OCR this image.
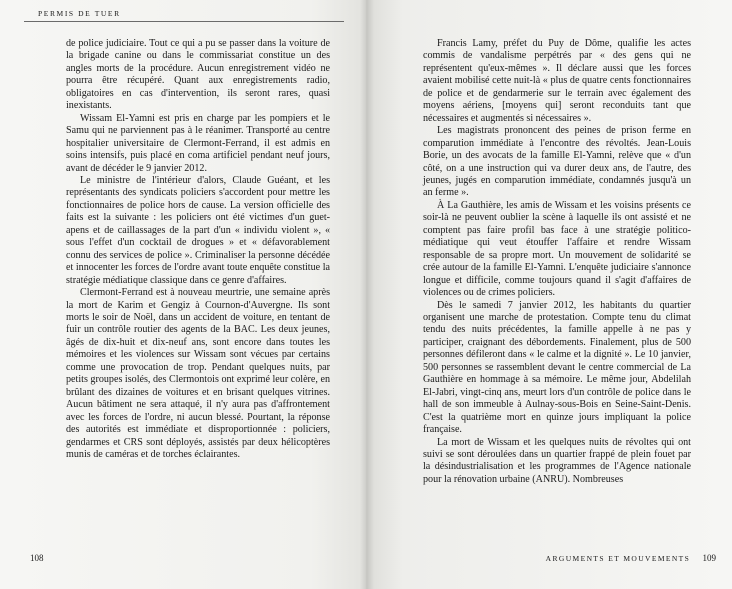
PERMIS DE TUER

de police judiciaire. Tout ce qui a pu se passer dans la voiture de la brigade canine ou dans le commissariat constitue un des angles morts de la procédure. Aucun enregistrement vidéo ne pourra être récupéré. Quant aux enregistrements radio, obligatoires en cas d'intervention, ils seront rares, quasi inexistants.

Wissam El-Yamni est pris en charge par les pompiers et le Samu qui ne parviennent pas à le réanimer. Transporté au centre hospitalier universitaire de Clermont-Ferrand, il est admis en soins intensifs, puis placé en coma artificiel pendant neuf jours, avant de décéder le 9 janvier 2012.

Le ministre de l'intérieur d'alors, Claude Guéant, et les représentants des syndicats policiers s'accordent pour mettre les fonctionnaires de police hors de cause. La version officielle des faits est la suivante : les policiers ont été victimes d'un guet-apens et de caillassages de la part d'un « individu violent », « sous l'effet d'un cocktail de drogues » et « défavorablement connu des services de police ». Criminaliser la personne décédée et innocenter les forces de l'ordre avant toute enquête constitue la stratégie médiatique classique dans ce genre d'affaires.

Clermont-Ferrand est à nouveau meurtrie, une semaine après la mort de Karim et Gengiz à Cournon-d'Auvergne. Ils sont morts le soir de Noël, dans un accident de voiture, en tentant de fuir un contrôle routier des agents de la BAC. Les deux jeunes, âgés de dix-huit et dix-neuf ans, sont encore dans toutes les mémoires et les violences sur Wissam sont vécues par certains comme une provocation de trop. Pendant quelques nuits, par petits groupes isolés, des Clermontois ont exprimé leur colère, en brûlant des dizaines de voitures et en brisant quelques vitrines. Aucun bâtiment ne sera attaqué, il n'y aura pas d'affrontement avec les forces de l'ordre, ni aucun blessé. Pourtant, la réponse des autorités est immédiate et disproportionnée : policiers, gendarmes et CRS sont déployés, assistés par deux hélicoptères munis de caméras et de torches éclairantes.

108

Francis Lamy, préfet du Puy de Dôme, qualifie les actes commis de vandalisme perpétrés par « des gens qui ne représentent qu'eux-mêmes ». Il déclare aussi que les forces avaient mobilisé cette nuit-là « plus de quatre cents fonctionnaires de police et de gendarmerie sur le terrain avec également des moyens aériens, [moyens qui] seront reconduits tant que nécessaires et augmentés si nécessaires ».

Les magistrats prononcent des peines de prison ferme en comparution immédiate à l'encontre des révoltés. Jean-Louis Borie, un des avocats de la famille El-Yamni, relève que « d'un côté, on a une instruction qui va durer deux ans, de l'autre, des jeunes, jugés en comparution immédiate, condamnés jusqu'à un an ferme ».

À La Gauthière, les amis de Wissam et les voisins présents ce soir-là ne peuvent oublier la scène à laquelle ils ont assisté et ne comptent pas faire profil bas face à une stratégie politico-médiatique qui veut étouffer l'affaire et rendre Wissam responsable de sa propre mort. Un mouvement de solidarité se crée autour de la famille El-Yamni. L'enquête judiciaire s'annonce longue et difficile, comme toujours quand il s'agit d'affaires de violences ou de crimes policiers.

Dès le samedi 7 janvier 2012, les habitants du quartier organisent une marche de protestation. Compte tenu du climat tendu des nuits précédentes, la famille appelle à ne pas y participer, craignant des débordements. Finalement, plus de 500 personnes défileront dans « le calme et la dignité ». Le 10 janvier, 500 personnes se rassemblent devant le centre commercial de La Gauthière en hommage à sa mémoire. Le même jour, Abdelilah El-Jabri, vingt-cinq ans, meurt lors d'un contrôle de police dans le hall de son immeuble à Aulnay-sous-Bois en Seine-Saint-Denis. C'est la quatrième mort en quinze jours impliquant la police française.

La mort de Wissam et les quelques nuits de révoltes qui ont suivi se sont déroulées dans un quartier frappé de plein fouet par la désindustrialisation et les programmes de l'Agence nationale pour la rénovation urbaine (ANRU). Nombreuses

ARGUMENTS ET MOUVEMENTS 109
